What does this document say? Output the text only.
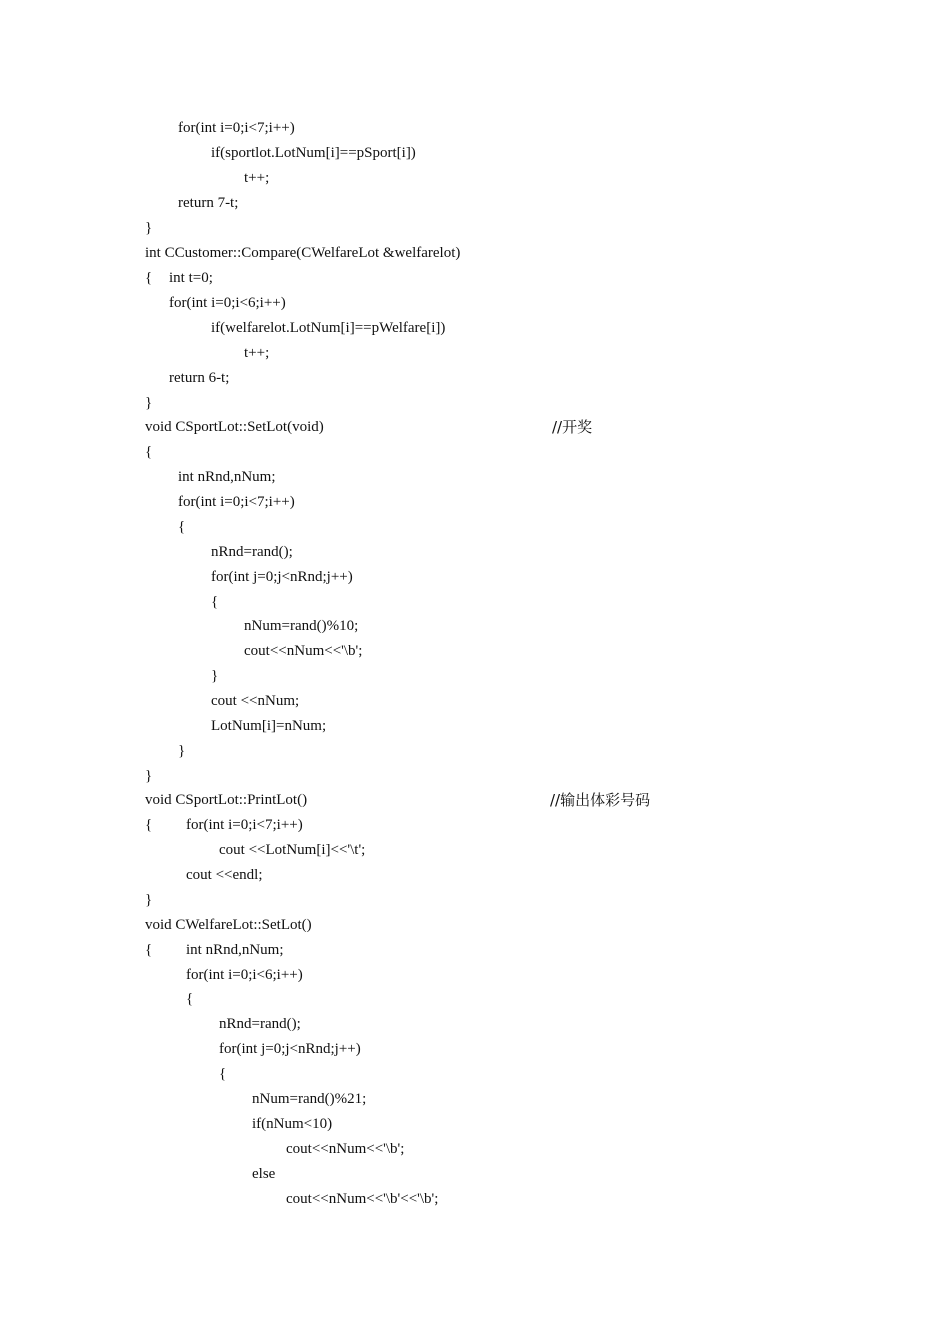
for(int i=0;i<7;i++)
if(sportlot.LotNum[i]==pSport[i])
t++;
return 7-t;
}
int CCustomer::Compare(CWelfareLot &welfarelot)
{ int t=0;
for(int i=0;i<6;i++)
if(welfarelot.LotNum[i]==pWelfare[i])
t++;
return 6-t;
}
void CSportLot::SetLot(void)	//开奖
{
int nRnd,nNum;
for(int i=0;i<7;i++)
{
nRnd=rand();
for(int j=0;j<nRnd;j++)
{
nNum=rand()%10;
cout<<nNum<<'\b';
}
cout <<nNum;
LotNum[i]=nNum;
}
}
void CSportLot::PrintLot()	//输出体彩号码
{ for(int i=0;i<7;i++)
cout <<LotNum[i]<<'\t';
cout <<endl;
}
void CWelfareLot::SetLot()
{ int nRnd,nNum;
for(int i=0;i<6;i++)
{
nRnd=rand();
for(int j=0;j<nRnd;j++)
{
nNum=rand()%21;
if(nNum<10)
cout<<nNum<<'\b';
else
cout<<nNum<<'\b'<<'\b';
